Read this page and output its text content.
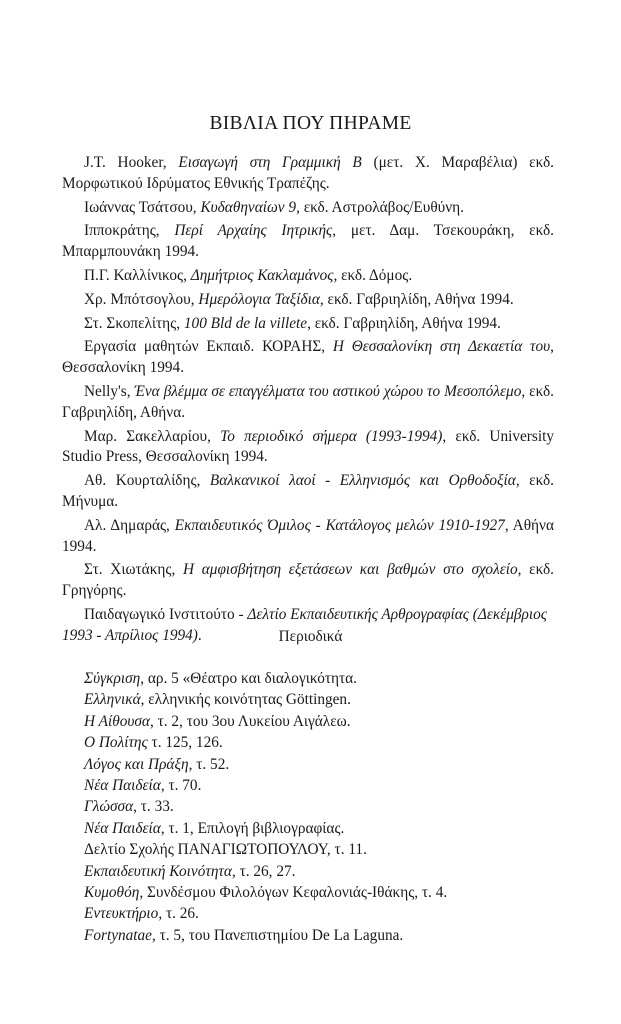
ΒΙΒΛΙΑ ΠΟΥ ΠΗΡΑΜΕ

J.T. Hooker, Εισαγωγή στη Γραμμική Β (μετ. Χ. Μαραβέλια) εκδ. Μορφωτικού Ιδρύματος Εθνικής Τραπέζης.

Ιωάννας Τσάτσου, Κυδαθηναίων 9, εκδ. Αστρολάβος/Ευθύνη.

Ιπποκράτης, Περί Αρχαίης Ιητρικής, μετ. Δαμ. Τσεκουράκη, εκδ. Μπαρμπουνάκη 1994.

Π.Γ. Καλλίνικος, Δημήτριος Κακλαμάνος, εκδ. Δόμος.

Χρ. Μπότσογλου, Ημερόλογια Ταξίδια, εκδ. Γαβριηλίδη, Αθήνα 1994.

Στ. Σκοπελίτης, 100 Bld de la villete, εκδ. Γαβριηλίδη, Αθήνα 1994.

Εργασία μαθητών Εκπαιδ. ΚΟΡΑΗΣ, Η Θεσσαλονίκη στη Δεκαετία του, Θεσσαλονίκη 1994.

Nelly's, Ένα βλέμμα σε επαγγέλματα του αστικού χώρου το Μεσοπόλεμο, εκδ. Γαβριηλίδη, Αθήνα.

Μαρ. Σακελλαρίου, Το περιοδικό σήμερα (1993-1994), εκδ. University Studio Press, Θεσσαλονίκη 1994.

Αθ. Κουρταλίδης, Βαλκανικοί λαοί - Ελληνισμός και Ορθοδοξία, εκδ. Μήνυμα.

Αλ. Δημαράς, Εκπαιδευτικός Όμιλος - Κατάλογος μελών 1910-1927, Αθήνα 1994.

Στ. Χιωτάκης, Η αμφισβήτηση εξετάσεων και βαθμών στο σχολείο, εκδ. Γρηγόρης.

Παιδαγωγικό Ινστιτούτο - Δελτίο Εκπαιδευτικής Αρθρογραφίας (Δεκέμβριος 1993 - Απρίλιος 1994).	Περιοδικά
Σύγκριση, αρ. 5 «Θέατρο και διαλογικότητα.
Ελληνικά, ελληνικής κοινότητας Göttingen.
Η Αίθουσα, τ. 2, του 3ου Λυκείου Αιγάλεω.
Ο Πολίτης τ. 125, 126.
Λόγος και Πράξη, τ. 52.
Νέα Παιδεία, τ. 70.
Γλώσσα, τ. 33.
Νέα Παιδεία, τ. 1, Επιλογή βιβλιογραφίας.
Δελτίο Σχολής ΠΑΝΑΓΙΩΤΟΠΟΥΛΟΥ, τ. 11.
Εκπαιδευτική Κοινότητα, τ. 26, 27.
Κυμοθόη, Συνδέσμου Φιλολόγων Κεφαλονιάς-Ιθάκης, τ. 4.
Εντευκτήριο, τ. 26.
Fortynatae, τ. 5, του Πανεπιστημίου De La Laguna.
